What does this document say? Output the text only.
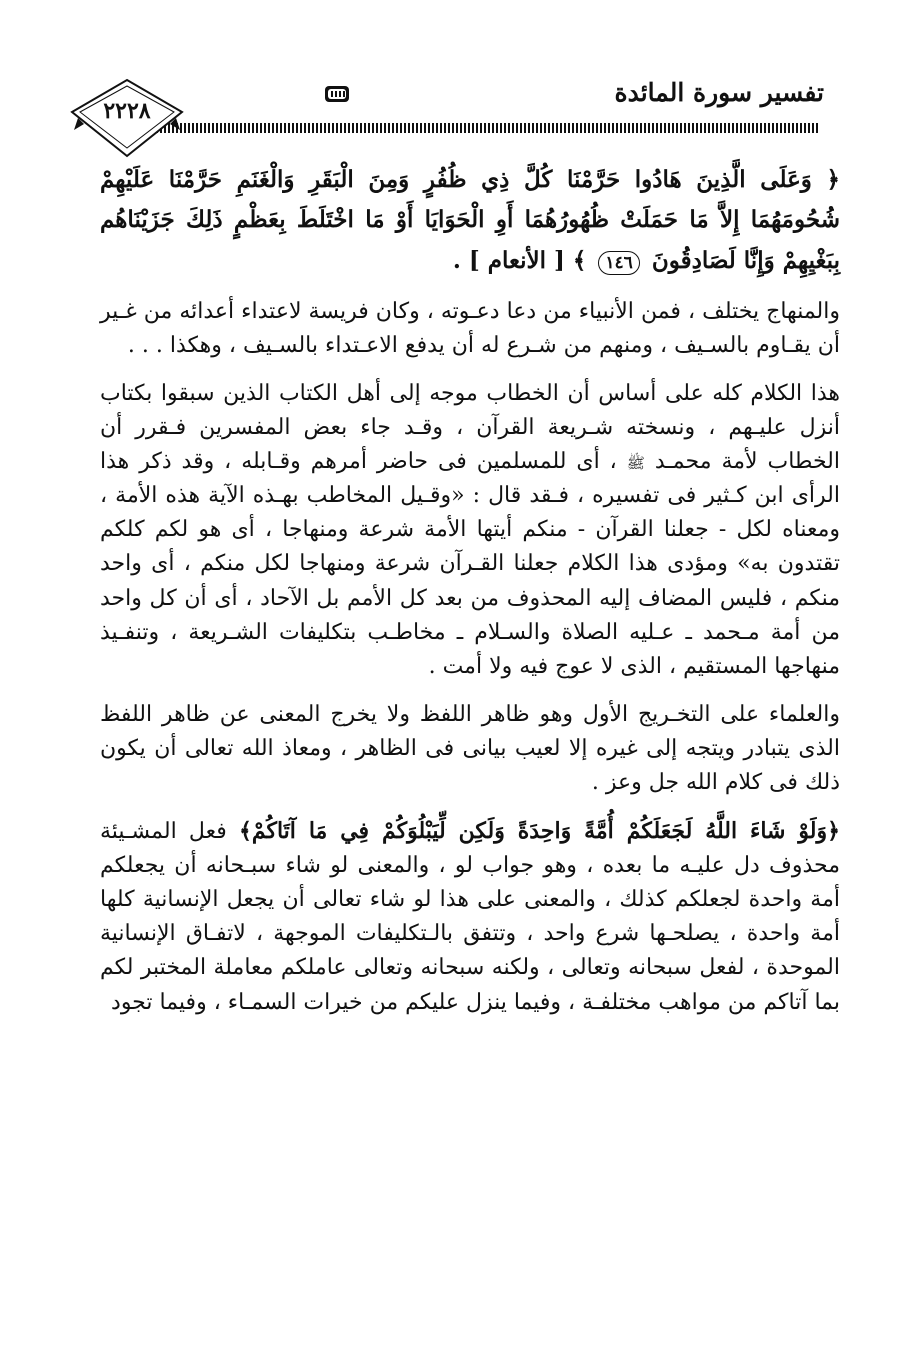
تفسير سورة المائدة
٢٢٢٨

﴿ وَعَلَى الَّذِينَ هَادُوا حَرَّمْنَا كُلَّ ذِي ظُفُرٍ وَمِنَ الْبَقَرِ وَالْغَنَمِ حَرَّمْنَا عَلَيْهِمْ شُحُومَهُمَا إِلاَّ مَا حَمَلَتْ ظُهُورُهُمَا أَوِ الْحَوَايَا أَوْ مَا اخْتَلَطَ بِعَظْمٍ ذَلِكَ جَزَيْنَاهُم بِبَغْيِهِمْ وَإِنَّا لَصَادِقُونَ ١٤٦ ﴾ [ الأنعام ] .

والمنهاج يختلف ، فمن الأنبياء من دعا دعـوته ، وكان فريسة لاعتداء أعدائه من غـير أن يقـاوم بالسـيف ، ومنهم من شـرع له أن يدفع الاعـتداء بالسـيف ، وهكذا . . .

هذا الكلام كله على أساس أن الخطاب موجه إلى أهل الكتاب الذين سبقوا بكتاب أنزل عليـهم ، ونسخته شـريعة القرآن ، وقـد جاء بعض المفسرين فـقرر أن الخطاب لأمة محمـد ﷺ ، أى للمسلمين فى حاضر أمرهم وقـابله ، وقد ذكر هذا الرأى ابن كـثير فى تفسيره ، فـقد قال : «وقـيل المخاطب بهـذه الآية هذه الأمة ، ومعناه لكل - جعلنا القرآن - منكم أيتها الأمة شرعة ومنهاجا ، أى هو لكم كلكم تقتدون به» ومؤدى هذا الكلام جعلنا القـرآن شرعة ومنهاجا لكل منكم ، أى واحد منكم ، فليس المضاف إليه المحذوف من بعد كل الأمم بل الآحاد ، أى أن كل واحد من أمة مـحمد ـ عـليه الصلاة والسـلام ـ مخاطـب بتكليفات الشـريعة ، وتنفـيذ منهاجها المستقيم ، الذى لا عوج فيه ولا أمت .

والعلماء على التخـريج الأول وهو ظاهر اللفظ ولا يخرج المعنى عن ظاهر اللفظ الذى يتبادر ويتجه إلى غيره إلا لعيب بيانى فى الظاهر ، ومعاذ الله تعالى أن يكون ذلك فى كلام الله جل وعز .

﴿وَلَوْ شَاءَ اللَّهُ لَجَعَلَكُمْ أُمَّةً وَاحِدَةً وَلَكِن لِّيَبْلُوَكُمْ فِي مَا آتَاكُمْ﴾ فعل المشـيئة محذوف دل عليـه ما بعده ، وهو جواب لو ، والمعنى لو شاء سبـحانه أن يجعلكم أمة واحدة لجعلكم كذلك ، والمعنى على هذا لو شاء تعالى أن يجعل الإنسانية كلها أمة واحدة ، يصلحـها شرع واحد ، وتتفق بالـتكليفات الموجهة ، لاتفـاق الإنسانية الموحدة ، لفعل سبحانه وتعالى ، ولكنه سبحانه وتعالى عاملكم معاملة المختبر لكم بما آتاكم من مواهب مختلفـة ، وفيما ينزل عليكم من خيرات السمـاء ، وفيما تجود
